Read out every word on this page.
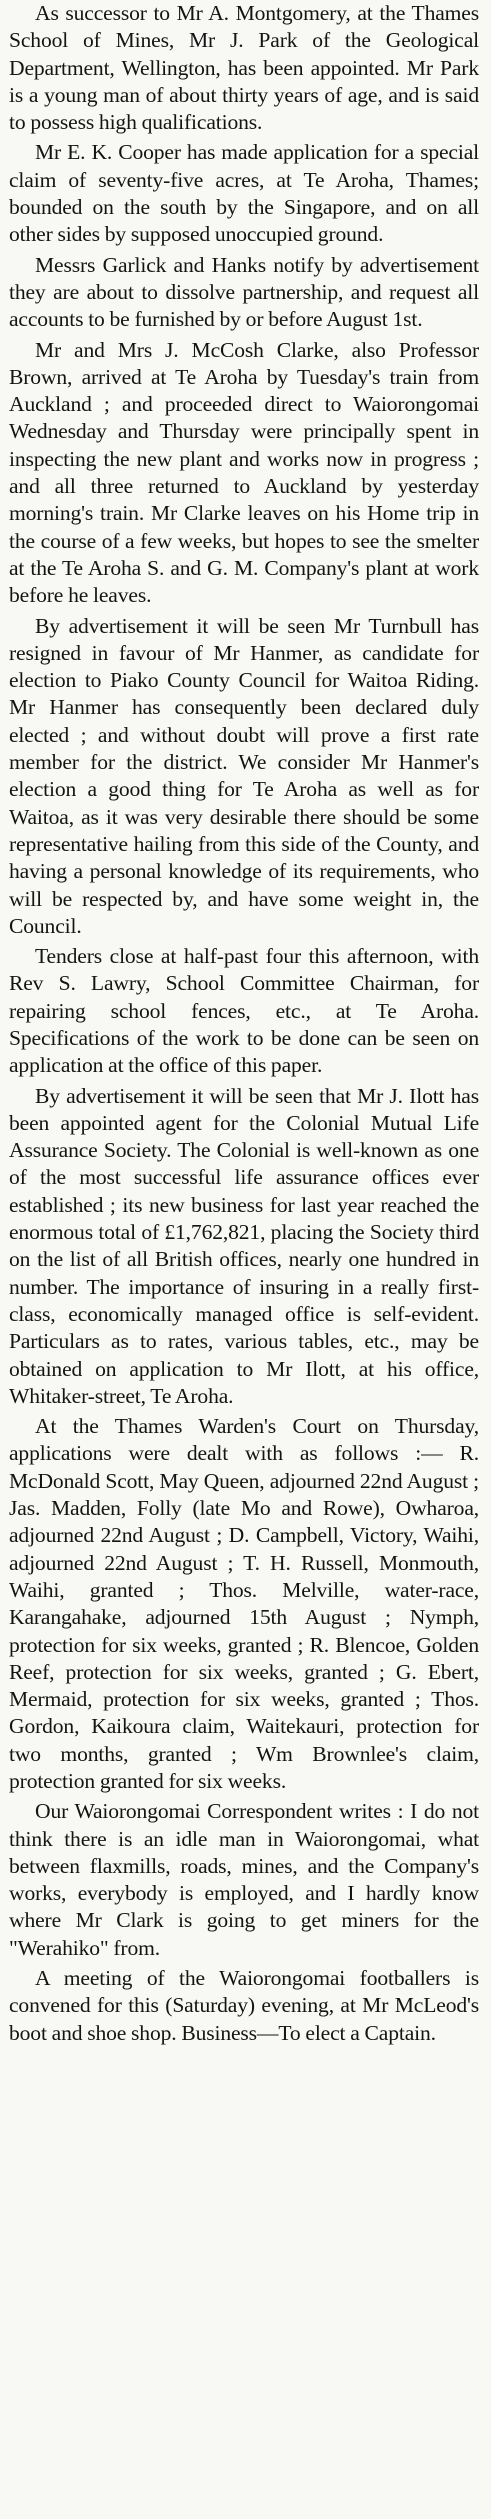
As successor to Mr A. Montgomery, at the Thames School of Mines, Mr J. Park of the Geological Department, Wellington, has been appointed. Mr Park is a young man of about thirty years of age, and is said to possess high qualifications.

Mr E. K. Cooper has made application for a special claim of seventy-five acres, at Te Aroha, Thames; bounded on the south by the Singapore, and on all other sides by supposed unoccupied ground.

Messrs Garlick and Hanks notify by advertisement they are about to dissolve partnership, and request all accounts to be furnished by or before August 1st.

Mr and Mrs J. McCosh Clarke, also Professor Brown, arrived at Te Aroha by Tuesday's train from Auckland ; and proceeded direct to Waiorongomai Wednesday and Thursday were principally spent in inspecting the new plant and works now in progress ; and all three returned to Auckland by yesterday morning's train. Mr Clarke leaves on his Home trip in the course of a few weeks, but hopes to see the smelter at the Te Aroha S. and G. M. Company's plant at work before he leaves.

By advertisement it will be seen Mr Turnbull has resigned in favour of Mr Hanmer, as candidate for election to Piako County Council for Waitoa Riding. Mr Hanmer has consequently been declared duly elected ; and without doubt will prove a first rate member for the district. We consider Mr Hanmer's election a good thing for Te Aroha as well as for Waitoa, as it was very desirable there should be some representative hailing from this side of the County, and having a personal knowledge of its requirements, who will be respected by, and have some weight in, the Council.

Tenders close at half-past four this afternoon, with Rev S. Lawry, School Committee Chairman, for repairing school fences, etc., at Te Aroha. Specifications of the work to be done can be seen on application at the office of this paper.

By advertisement it will be seen that Mr J. Ilott has been appointed agent for the Colonial Mutual Life Assurance Society. The Colonial is well-known as one of the most successful life assurance offices ever established ; its new business for last year reached the enormous total of £1,762,821, placing the Society third on the list of all British offices, nearly one hundred in number. The importance of insuring in a really first-class, economically managed office is self-evident. Particulars as to rates, various tables, etc., may be obtained on application to Mr Ilott, at his office, Whitaker-street, Te Aroha.

At the Thames Warden's Court on Thursday, applications were dealt with as follows :— R. McDonald Scott, May Queen, adjourned 22nd August ; Jas. Madden, Folly (late Mo and Rowe), Owharoa, adjourned 22nd August ; D. Campbell, Victory, Waihi, adjourned 22nd August ; T. H. Russell, Monmouth, Waihi, granted ; Thos. Melville, water-race, Karangahake, adjourned 15th August ; Nymph, protection for six weeks, granted ; R. Blencoe, Golden Reef, protection for six weeks, granted ; G. Ebert, Mermaid, protection for six weeks, granted ; Thos. Gordon, Kaikoura claim, Waitekauri, protection for two months, granted ; Wm Brownlee's claim, protection granted for six weeks.

Our Waiorongomai Correspondent writes : I do not think there is an idle man in Waiorongomai, what between flaxmills, roads, mines, and the Company's works, everybody is employed, and I hardly know where Mr Clark is going to get miners for the "Werahiko" from.

A meeting of the Waiorongomai footballers is convened for this (Saturday) evening, at Mr McLeod's boot and shoe shop. Business—To elect a Captain.
